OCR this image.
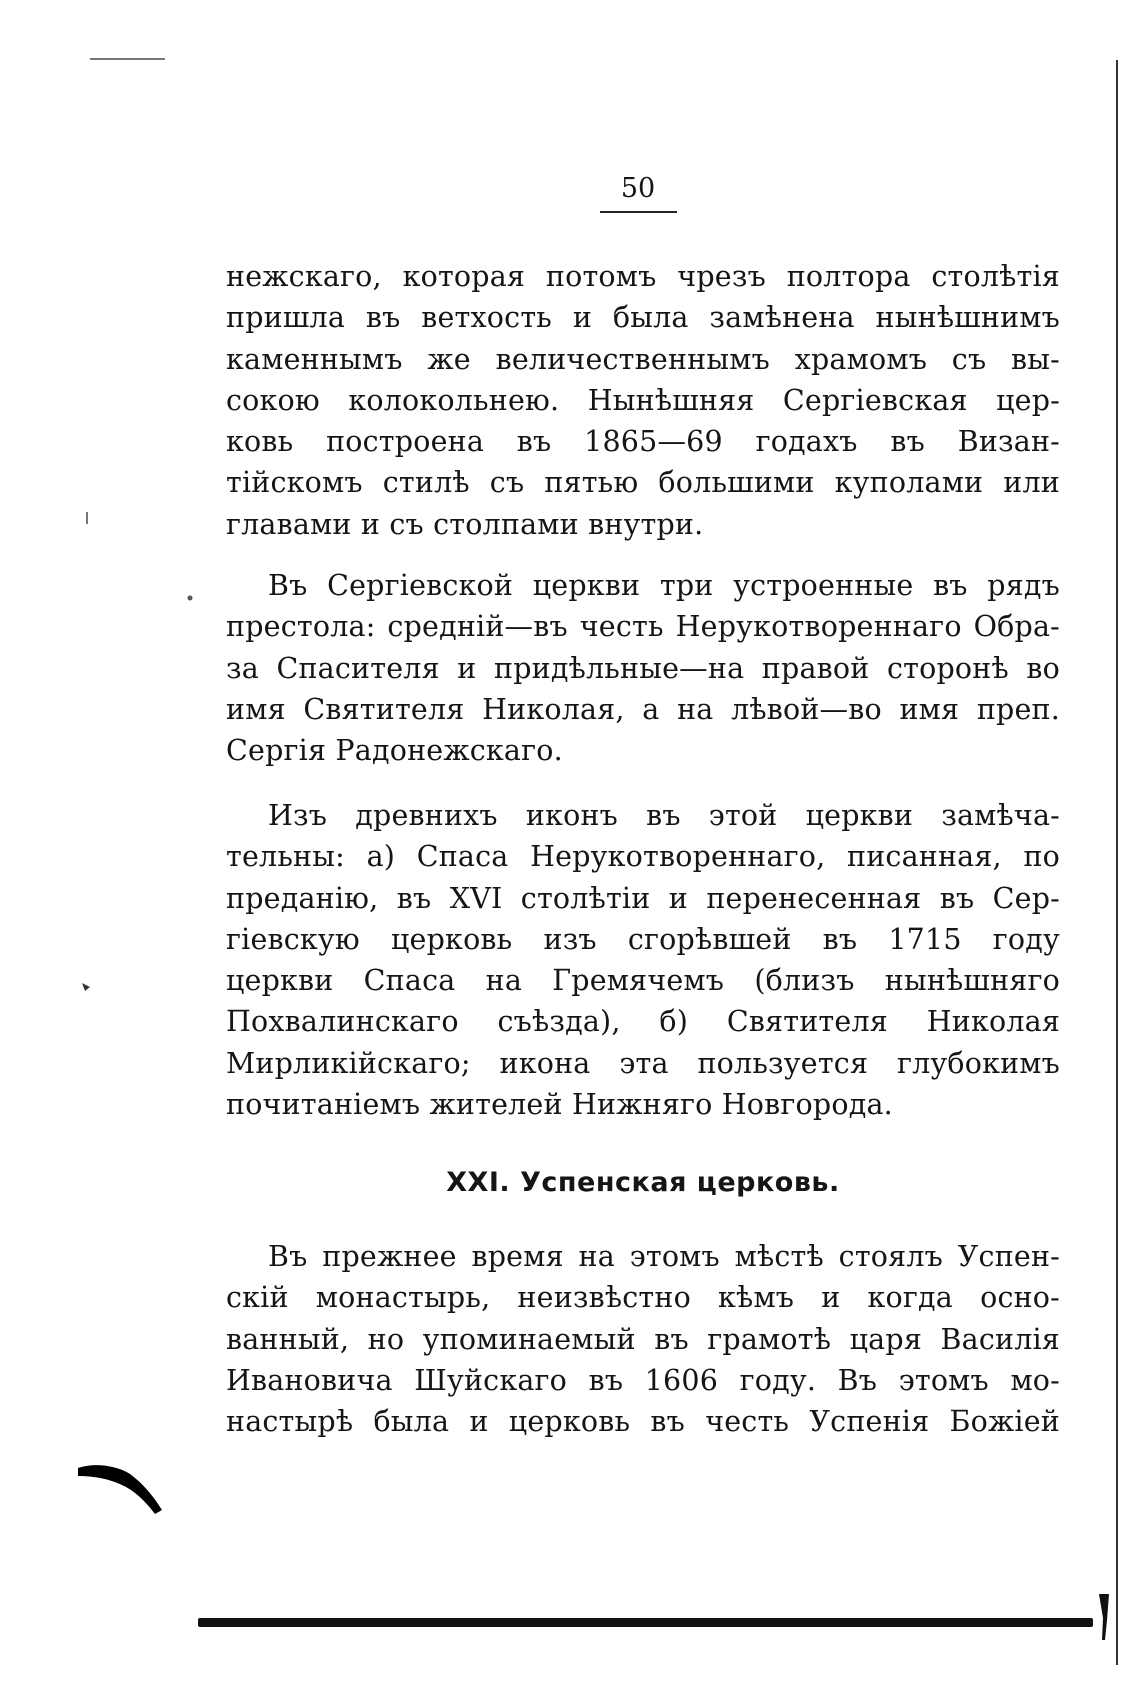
50
нежскаго, которая потомъ чрезъ полтора столѣтія
пришла въ ветхость и была замѣнена нынѣшнимъ
каменнымъ же величественнымъ храмомъ съ вы-
сокою колокольнею. Нынѣшняя Сергіевская цер-
ковь построена въ 1865—69 годахъ въ Визан-
тійскомъ стилѣ съ пятью большими куполами или
главами и съ столпами внутри.
Въ Сергіевской церкви три устроенные въ рядъ
престола: средній—въ честь Нерукотвореннаго Обра-
за Спасителя и придѣльные—на правой сторонѣ во
имя Святителя Николая, а на лѣвой—во имя преп.
Сергія Радонежскаго.
Изъ древнихъ иконъ въ этой церкви замѣча-
тельны: а) Спаса Нерукотвореннаго, писанная, по
преданію, въ XVI столѣтіи и перенесенная въ Сер-
гіевскую церковь изъ сгорѣвшей въ 1715 году
церкви Спаса на Гремячемъ (близъ нынѣшняго
Похвалинскаго съѣзда), б) Святителя Николая
Мирликійскаго; икона эта пользуется глубокимъ
почитаніемъ жителей Нижняго Новгорода.
XXI. Успенская церковь.
Въ прежнее время на этомъ мѣстѣ стоялъ Успен-
скій монастырь, неизвѣстно кѣмъ и когда осно-
ванный, но упоминаемый въ грамотѣ царя Василія
Ивановича Шуйскаго въ 1606 году. Въ этомъ мо-
настырѣ была и церковь въ честь Успенія Божіей
